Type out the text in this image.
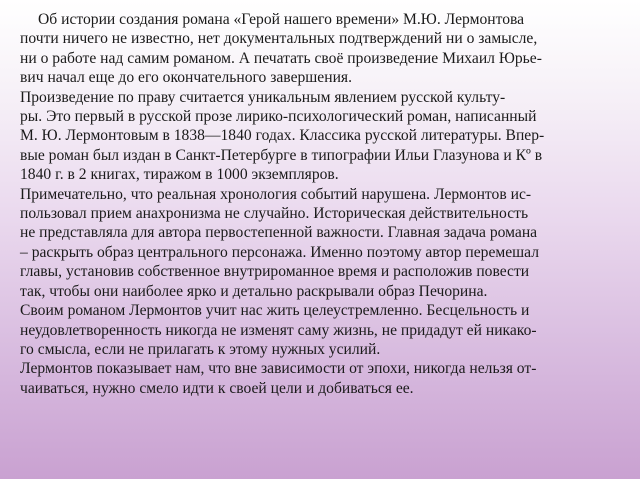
Об истории создания романа «Герой нашего времени» М.Ю. Лермонтова
почти ничего не известно, нет документальных подтверждений ни о замысле,
ни о работе над самим романом. А печатать своё произведение Михаил Юрье-
вич начал еще до его окончательного завершения.
Произведение по праву считается уникальным явлением русской культу-
ры. Это первый в русской прозе лирико-психологический роман, написанный
М. Ю. Лермонтовым в 1838—1840 годах. Классика русской литературы. Впер-
вые роман был издан в Санкт-Петербурге в типографии Ильи Глазунова и Кº в
1840 г. в 2 книгах, тиражом в 1000 экземпляров.
Примечательно, что реальная хронология событий нарушена. Лермонтов ис-
пользовал прием анахронизма не случайно. Историческая действительность
не представляла для автора первостепенной важности. Главная задача романа
– раскрыть образ центрального персонажа. Именно поэтому автор перемешал
главы, установив собственное внутрироманное время и расположив повести
так, чтобы они наиболее ярко и детально раскрывали образ Печорина.
Своим романом Лермонтов учит нас жить целеустремленно. Бесцельность и
неудовлетворенность никогда не изменят саму жизнь, не придадут ей никако-
го смысла, если не прилагать к этому нужных усилий.
Лермонтов показывает нам, что вне зависимости от эпохи, никогда нельзя от-
чаиваться, нужно смело идти к своей цели и добиваться ее.
